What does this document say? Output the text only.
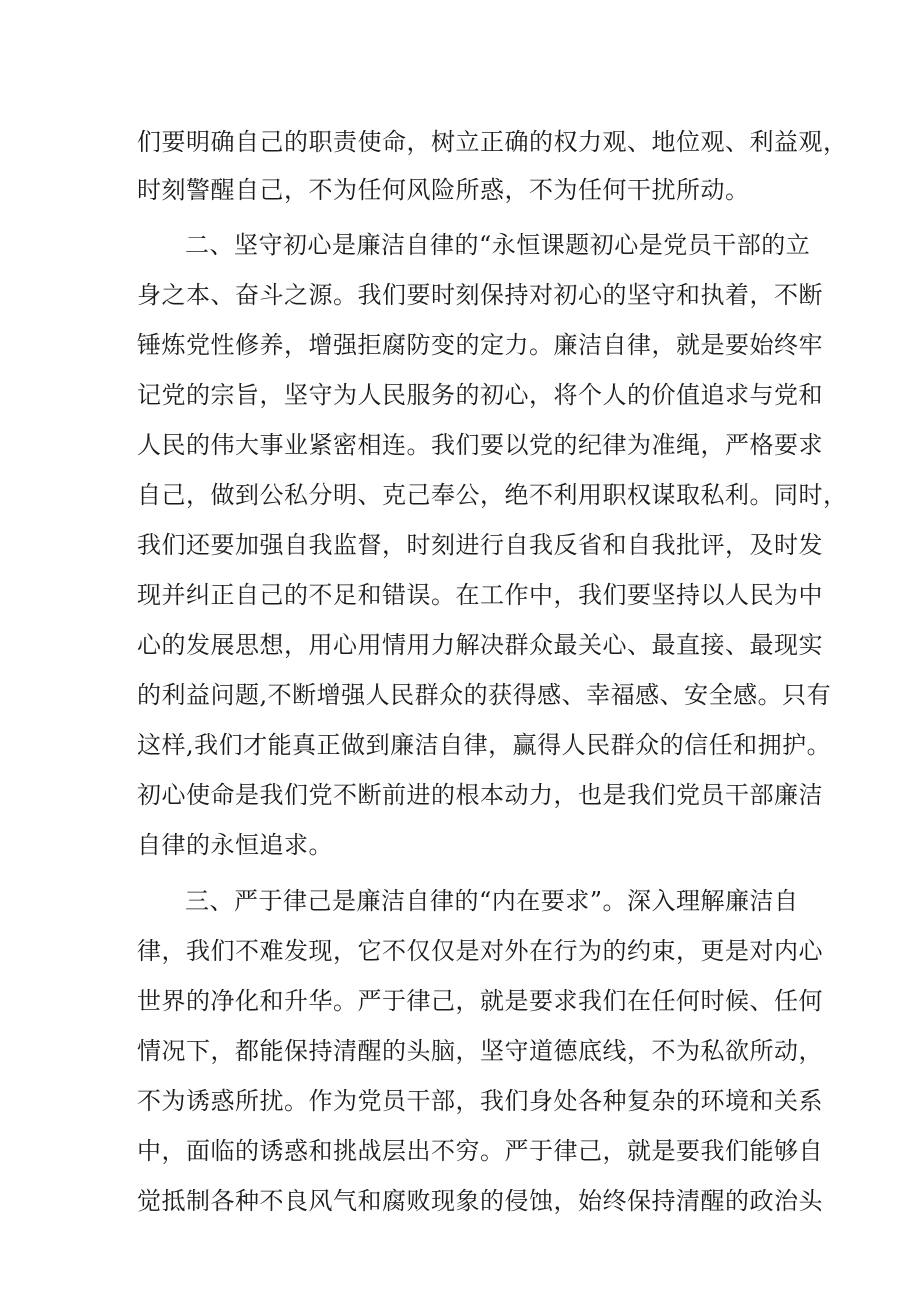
们要明确自己的职责使命，树立正确的权力观、地位观、利益观，
时刻警醒自己，不为任何风险所惑，不为任何干扰所动。
二、坚守初心是廉洁自律的“永恒课题初心是党员干部的立
身之本、奋斗之源。我们要时刻保持对初心的坚守和执着，不断
锤炼党性修养，增强拒腐防变的定力。廉洁自律，就是要始终牢
记党的宗旨，坚守为人民服务的初心，将个人的价值追求与党和
人民的伟大事业紧密相连。我们要以党的纪律为准绳，严格要求
自己，做到公私分明、克己奉公，绝不利用职权谋取私利。同时，
我们还要加强自我监督，时刻进行自我反省和自我批评，及时发
现并纠正自己的不足和错误。在工作中，我们要坚持以人民为中
心的发展思想，用心用情用力解决群众最关心、最直接、最现实
的利益问题,不断增强人民群众的获得感、幸福感、安全感。只有
这样,我们才能真正做到廉洁自律，赢得人民群众的信任和拥护。
初心使命是我们党不断前进的根本动力，也是我们党员干部廉洁
自律的永恒追求。
三、严于律己是廉洁自律的“内在要求”。深入理解廉洁自
律，我们不难发现，它不仅仅是对外在行为的约束，更是对内心
世界的净化和升华。严于律己，就是要求我们在任何时候、任何
情况下，都能保持清醒的头脑，坚守道德底线，不为私欲所动，
不为诱惑所扰。作为党员干部，我们身处各种复杂的环境和关系
中，面临的诱惑和挑战层出不穷。严于律己，就是要我们能够自
觉抵制各种不良风气和腐败现象的侵蚀，始终保持清醒的政治头
